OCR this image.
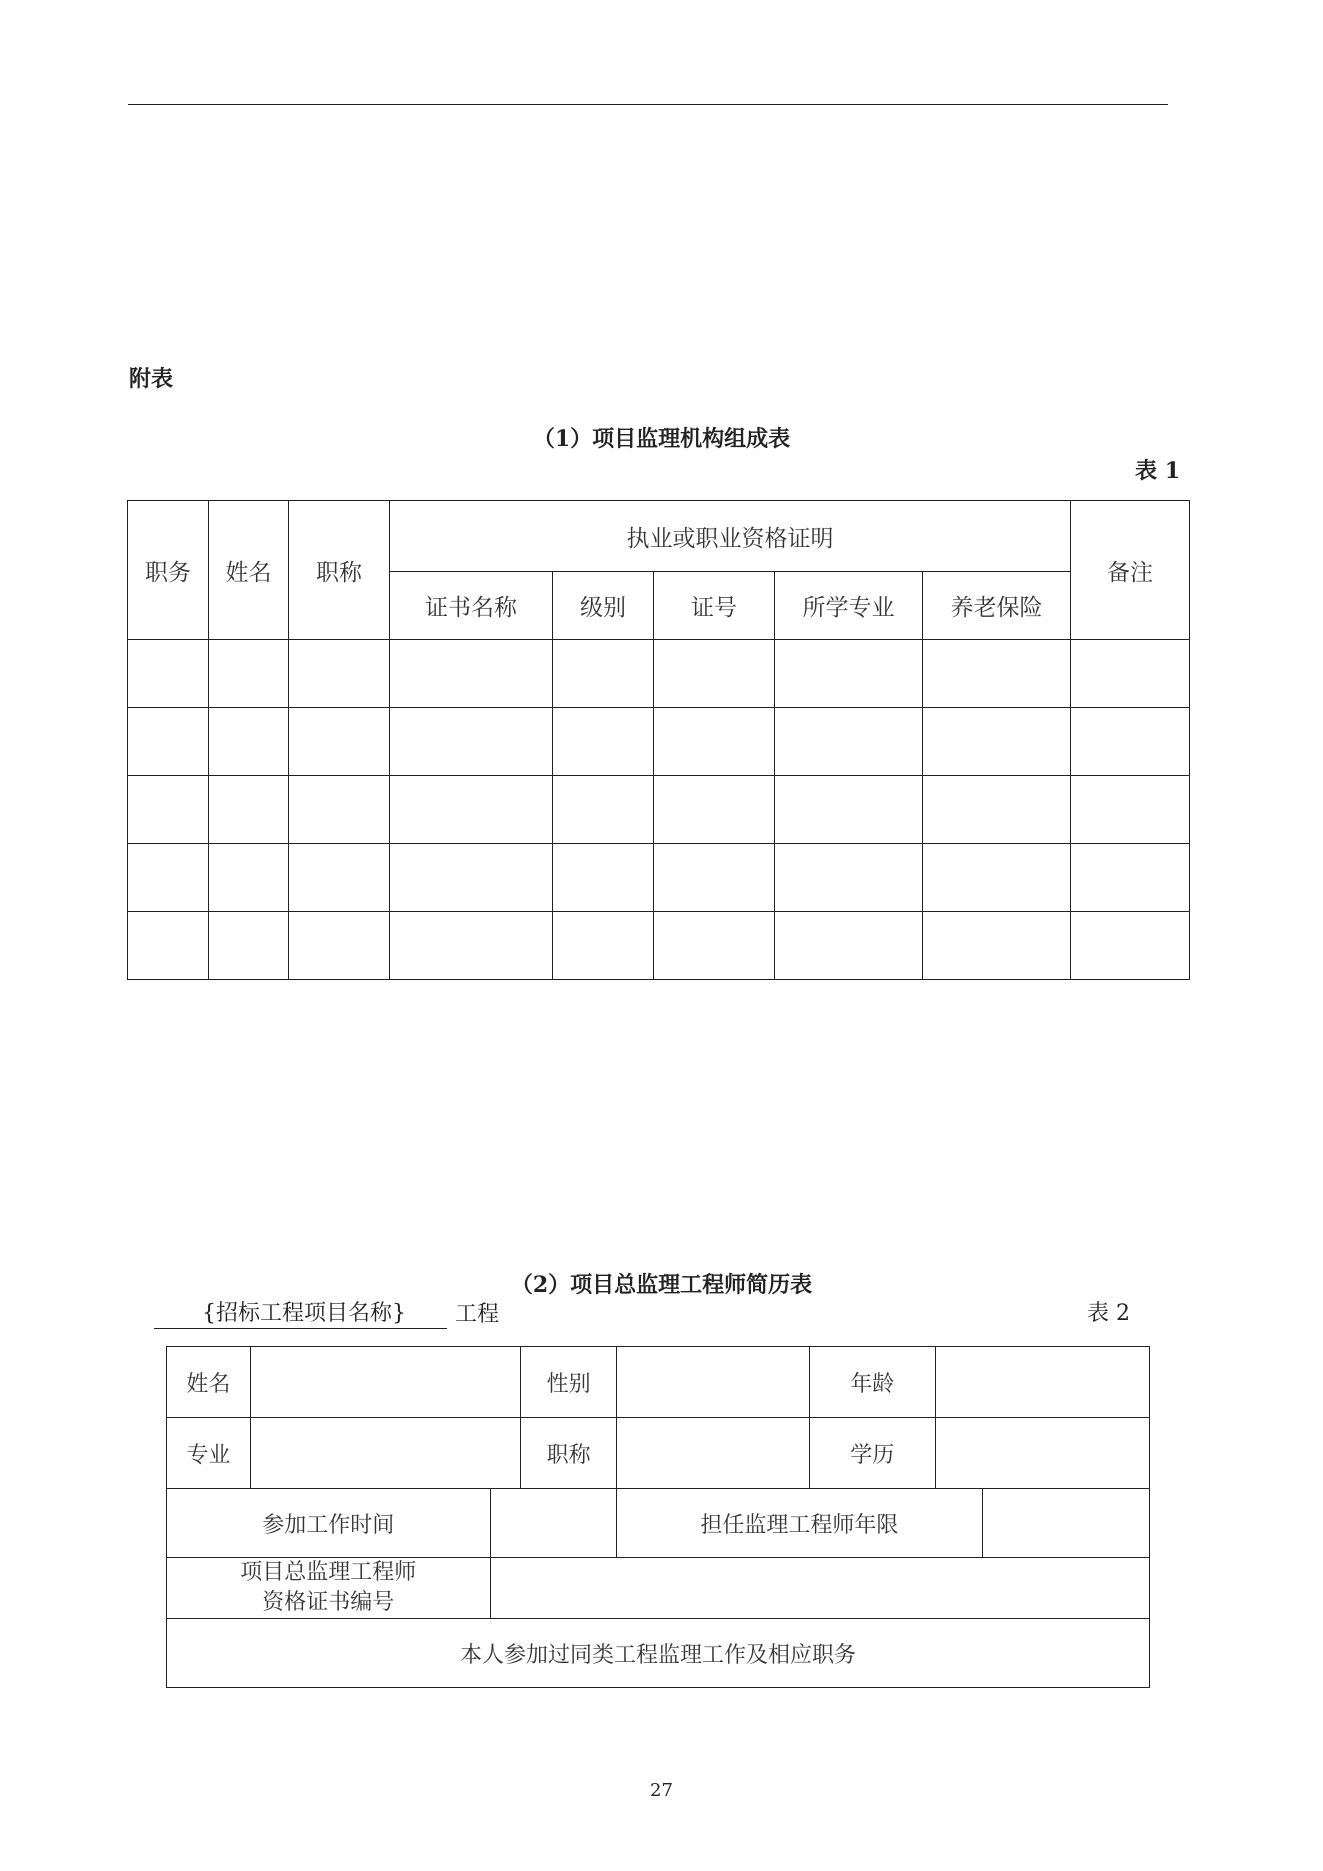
附表
（1）项目监理机构组成表
表 1
职务	姓名	职称	执业或职业资格证明					备注
			证书名称	级别	证号	所学专业	养老保险	

（2）项目总监理工程师简历表
{招标工程项目名称}	工程	表 2
姓名			性别		年龄		
专业			职称		学历		
参加工作时间				担任监理工程师年限			

项目总监理工程师
资格证书编号							

本人参加过同类工程监理工作及相应职务							
27
